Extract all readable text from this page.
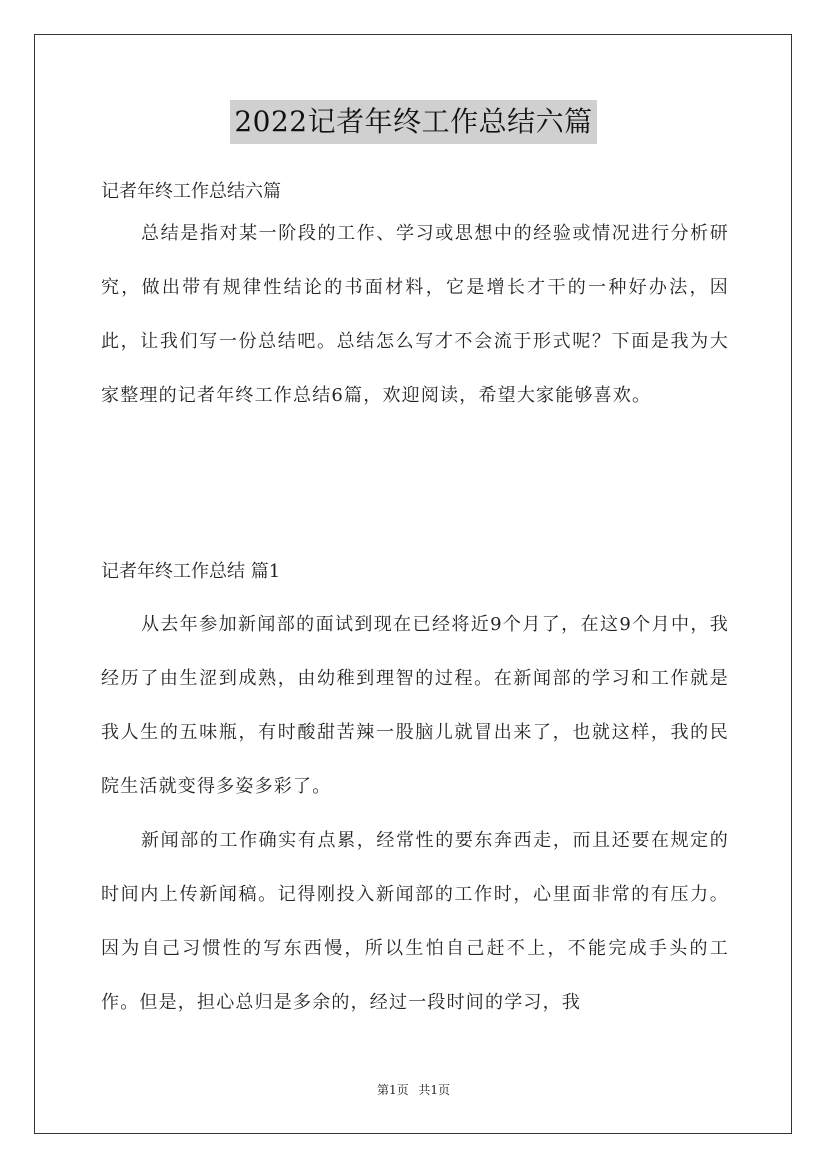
2022记者年终工作总结六篇
记者年终工作总结六篇

总结是指对某一阶段的工作、学习或思想中的经验或情况进行分析研究，做出带有规律性结论的书面材料，它是增长才干的一种好办法，因此，让我们写一份总结吧。总结怎么写才不会流于形式呢？下面是我为大家整理的记者年终工作总结6篇，欢迎阅读，希望大家能够喜欢。

记者年终工作总结 篇1

从去年参加新闻部的面试到现在已经将近9个月了，在这9个月中，我经历了由生涩到成熟，由幼稚到理智的过程。在新闻部的学习和工作就是我人生的五味瓶，有时酸甜苦辣一股脑儿就冒出来了，也就这样，我的民院生活就变得多姿多彩了。

新闻部的工作确实有点累，经常性的要东奔西走，而且还要在规定的时间内上传新闻稿。记得刚投入新闻部的工作时，心里面非常的有压力。因为自己习惯性的写东西慢，所以生怕自己赶不上，不能完成手头的工作。但是，担心总归是多余的，经过一段时间的学习，我

第1页 共1页
